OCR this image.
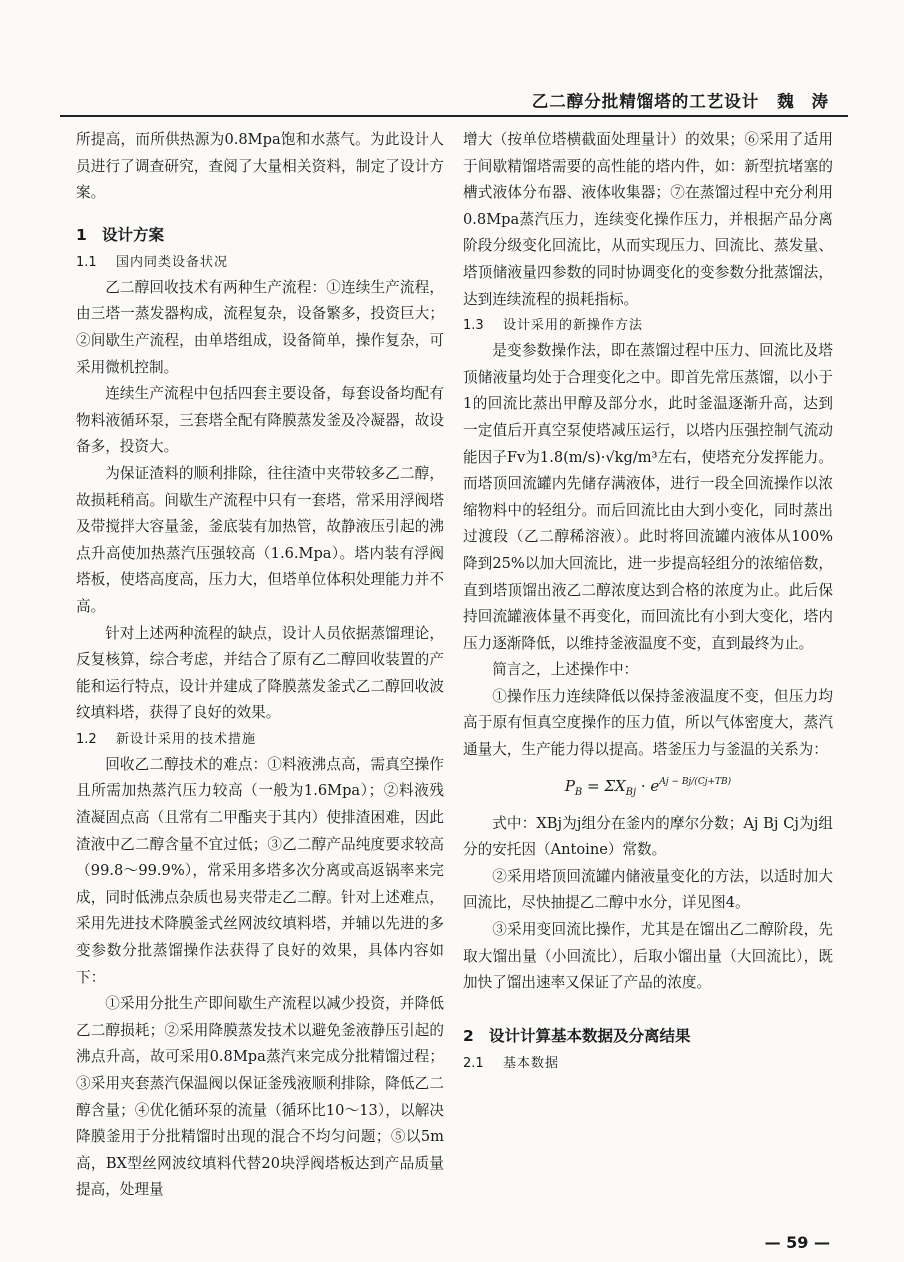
乙二醇分批精馏塔的工艺设计 魏 涛

所提高，而所供热源为0.8Mpa饱和水蒸气。为此设计人员进行了调查研究，查阅了大量相关资料，制定了设计方案。

1 设计方案
1.1 国内同类设备状况

乙二醇回收技术有两种生产流程：①连续生产流程，由三塔一蒸发器构成，流程复杂，设备繁多，投资巨大；②间歇生产流程，由单塔组成，设备简单，操作复杂，可采用微机控制。

连续生产流程中包括四套主要设备，每套设备均配有物料液循环泵，三套塔全配有降膜蒸发釜及冷凝器，故设备多，投资大。

为保证渣料的顺利排除，往往渣中夹带较多乙二醇，故损耗稍高。间歇生产流程中只有一套塔，常采用浮阀塔及带搅拌大容量釜，釜底装有加热管，故静液压引起的沸点升高使加热蒸汽压强较高（1.6.Mpa）。塔内装有浮阀塔板，使塔高度高，压力大，但塔单位体积处理能力并不高。

针对上述两种流程的缺点，设计人员依据蒸馏理论，反复核算，综合考虑，并结合了原有乙二醇回收装置的产能和运行特点，设计并建成了降膜蒸发釜式乙二醇回收波纹填料塔，获得了良好的效果。

1.2 新设计采用的技术措施

回收乙二醇技术的难点：①料液沸点高，需真空操作且所需加热蒸汽压力较高（一般为1.6Mpa）；②料液残渣凝固点高（且常有二甲酯夹于其内）使排渣困难，因此渣液中乙二醇含量不宜过低；③乙二醇产品纯度要求较高（99.8～99.9%），常采用多塔多次分离或高返锅率来完成，同时低沸点杂质也易夹带走乙二醇。针对上述难点，采用先进技术降膜釜式丝网波纹填料塔，并辅以先进的多变参数分批蒸馏操作法获得了良好的效果，具体内容如下：

①采用分批生产即间歇生产流程以减少投资，并降低乙二醇损耗；②采用降膜蒸发技术以避免釜液静压引起的沸点升高，故可采用0.8Mpa蒸汽来完成分批精馏过程；③采用夹套蒸汽保温阀以保证釜残液顺利排除，降低乙二醇含量；④优化循环泵的流量（循环比10～13），以解决降膜釜用于分批精馏时出现的混合不均匀问题；⑤以5m高，BX型丝网波纹填料代替20块浮阀塔板达到产品质量提高，处理量

增大（按单位塔横截面处理量计）的效果；⑥采用了适用于间歇精馏塔需要的高性能的塔内件，如：新型抗堵塞的槽式液体分布器、液体收集器；⑦在蒸馏过程中充分利用0.8Mpa蒸汽压力，连续变化操作压力，并根据产品分离阶段分级变化回流比，从而实现压力、回流比、蒸发量、塔顶储液量四参数的同时协调变化的变参数分批蒸馏法，达到连续流程的损耗指标。

1.3 设计采用的新操作方法

是变参数操作法，即在蒸馏过程中压力、回流比及塔顶储液量均处于合理变化之中。即首先常压蒸馏，以小于1的回流比蒸出甲醇及部分水，此时釜温逐渐升高，达到一定值后开真空泵使塔减压运行，以塔内压强控制气流动能因子Fv为1.8(m/s)·√kg/m³左右，使塔充分发挥能力。而塔顶回流罐内先储存满液体，进行一段全回流操作以浓缩物料中的轻组分。而后回流比由大到小变化，同时蒸出过渡段（乙二醇稀溶液）。此时将回流罐内液体从100%降到25%以加大回流比，进一步提高轻组分的浓缩倍数，直到塔顶馏出液乙二醇浓度达到合格的浓度为止。此后保持回流罐液体量不再变化，而回流比有小到大变化，塔内压力逐渐降低，以维持釜液温度不变，直到最终为止。

简言之，上述操作中：

①操作压力连续降低以保持釜液温度不变，但压力均高于原有恒真空度操作的压力值，所以气体密度大，蒸汽通量大，生产能力得以提高。塔釜压力与釜温的关系为：

$P_B = \Sigma X_{Bj} \cdot e^{Aj - Bj/(Cj+TB)}$

式中：XBj为j组分在釜内的摩尔分数；Aj Bj Cj为j组分的安托因（Antoine）常数。

②采用塔顶回流罐内储液量变化的方法，以适时加大回流比，尽快抽提乙二醇中水分，详见图4。

③采用变回流比操作，尤其是在馏出乙二醇阶段，先取大馏出量（小回流比），后取小馏出量（大回流比），既加快了馏出速率又保证了产品的浓度。

2 设计计算基本数据及分离结果
2.1 基本数据
— 59 —
